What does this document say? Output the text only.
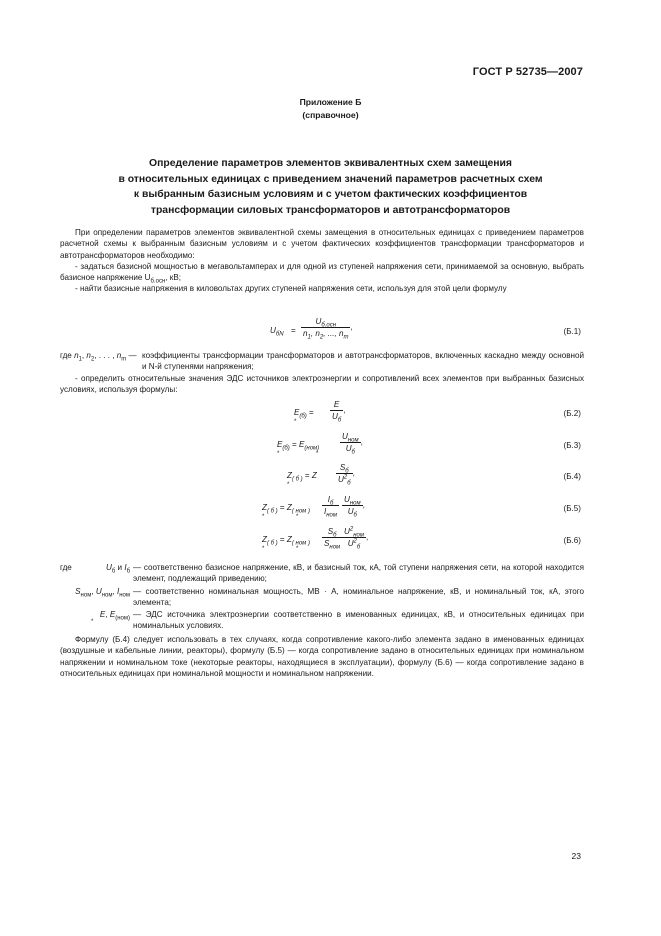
ГОСТ Р 52735—2007
Приложение Б
(справочное)
Определение параметров элементов эквивалентных схем замещения
в относительных единицах с приведением значений параметров расчетных схем
к выбранным базисным условиям и с учетом фактических коэффициентов
трансформации силовых трансформаторов и автотрансформаторов

При определении параметров элементов эквивалентной схемы замещения в относительных единицах с приведением параметров расчетной схемы к выбранным базисным условиям и с учетом фактических коэффициентов трансформации трансформаторов и автотрансформаторов необходимо:

- задаться базисной мощностью в мегавольтамперах и для одной из ступеней напряжения сети, принимаемой за основную, выбрать базисное напряжение $U_{б.осн}$, кВ;

- найти базисные напряжения в киловольтах других ступеней напряжения сети, используя для этой цели формулу

$U_{бN} = \frac{U_{б.осн}}{n_1, n_2, ..., n_m}$ ,	(Б.1)
где $n_1$, $n_2$, . . . , $n_m$ — коэффициенты трансформации трансформаторов и автотрансформаторов, включенных каскадно между основной и N-й ступенями напряжения;

- определить относительные значения ЭДС источников электроэнергии и сопротивлений всех элементов при выбранных базисных условиях, используя формулы:

$E_{(б)}$ =
*
$\frac{E}{U_б}$ ,	(Б.2)
$E_{(б)} = E_{(ном)}$
*	*
$\frac{U_{ном}}{U_б}$ ,	(Б.3)
$Z_{( б )} = Z$
*
$\frac{S_б}{U^2_б}$ ,	(Б.4)
$Z_{( б )} = Z_{( ном )}$
*	*
$\frac{I_б}{I_{ном}} \frac{U_{ном}}{U_б}$ ,	(Б.5)
$Z_{( б )} = Z_{( ном )}$
*	*
$\frac{S_б}{S_{ном}} \frac{U^2_{ном}}{U^2_б}$ ,	(Б.6)
где	$U_б$ и $I_б$ — соответственно базисное напряжение, кВ, и базисный ток, кА, той ступени напряжения сети, на которой находится элемент, подлежащий приведению;
$S_{ном}$, $U_{ном}$, $I_{ном}$ — соответственно номинальная мощность, МВ · А, номинальное напряжение, кВ, и номинальный ток, кА, этого элемента;
E, $E_{(ном)}$
*
— ЭДС источника электроэнергии соответственно в именованных единицах, кВ, и относительных единицах при номинальных условиях.

Формулу (Б.4) следует использовать в тех случаях, когда сопротивление какого-либо элемента задано в именованных единицах (воздушные и кабельные линии, реакторы), формулу (Б.5) — когда сопротивление задано в относительных единицах при номинальном напряжении и номинальном токе (некоторые реакторы, находящиеся в эксплуатации), формулу (Б.6) — когда сопротивление задано в относительных единицах при номинальной мощности и номинальном напряжении.

23
